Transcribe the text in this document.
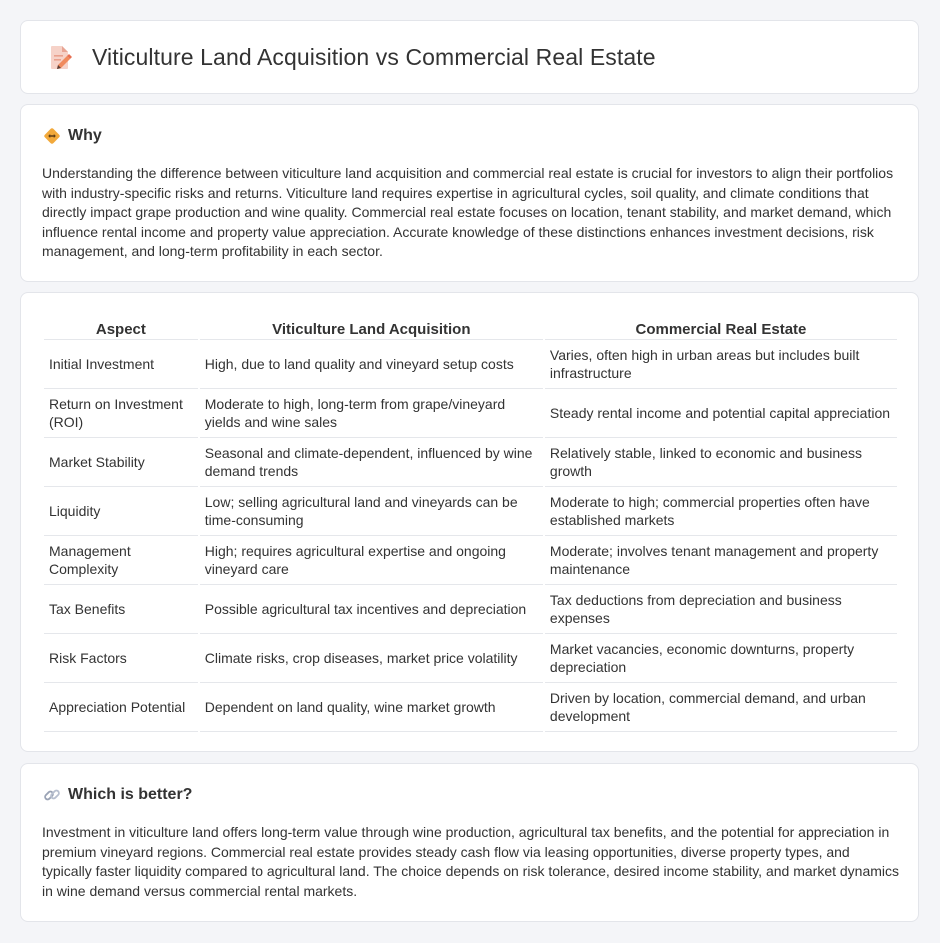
Viticulture Land Acquisition vs Commercial Real Estate
Why

Understanding the difference between viticulture land acquisition and commercial real estate is crucial for investors to align their portfolios with industry-specific risks and returns. Viticulture land requires expertise in agricultural cycles, soil quality, and climate conditions that directly impact grape production and wine quality. Commercial real estate focuses on location, tenant stability, and market demand, which influence rental income and property value appreciation. Accurate knowledge of these distinctions enhances investment decisions, risk management, and long-term profitability in each sector.

Aspect	Viticulture Land Acquisition	Commercial Real Estate
Initial Investment	High, due to land quality and vineyard setup costs	Varies, often high in urban areas but includes built infrastructure
Return on Investment (ROI)	Moderate to high, long-term from grape/vineyard yields and wine sales	Steady rental income and potential capital appreciation
Market Stability	Seasonal and climate-dependent, influenced by wine demand trends	Relatively stable, linked to economic and business growth
Liquidity	Low; selling agricultural land and vineyards can be time-consuming	Moderate to high; commercial properties often have established markets
Management Complexity	High; requires agricultural expertise and ongoing vineyard care	Moderate; involves tenant management and property maintenance
Tax Benefits	Possible agricultural tax incentives and depreciation	Tax deductions from depreciation and business expenses
Risk Factors	Climate risks, crop diseases, market price volatility	Market vacancies, economic downturns, property depreciation
Appreciation Potential	Dependent on land quality, wine market growth	Driven by location, commercial demand, and urban development
Which is better?

Investment in viticulture land offers long-term value through wine production, agricultural tax benefits, and the potential for appreciation in premium vineyard regions. Commercial real estate provides steady cash flow via leasing opportunities, diverse property types, and typically faster liquidity compared to agricultural land. The choice depends on risk tolerance, desired income stability, and market dynamics in wine demand versus commercial rental markets.
